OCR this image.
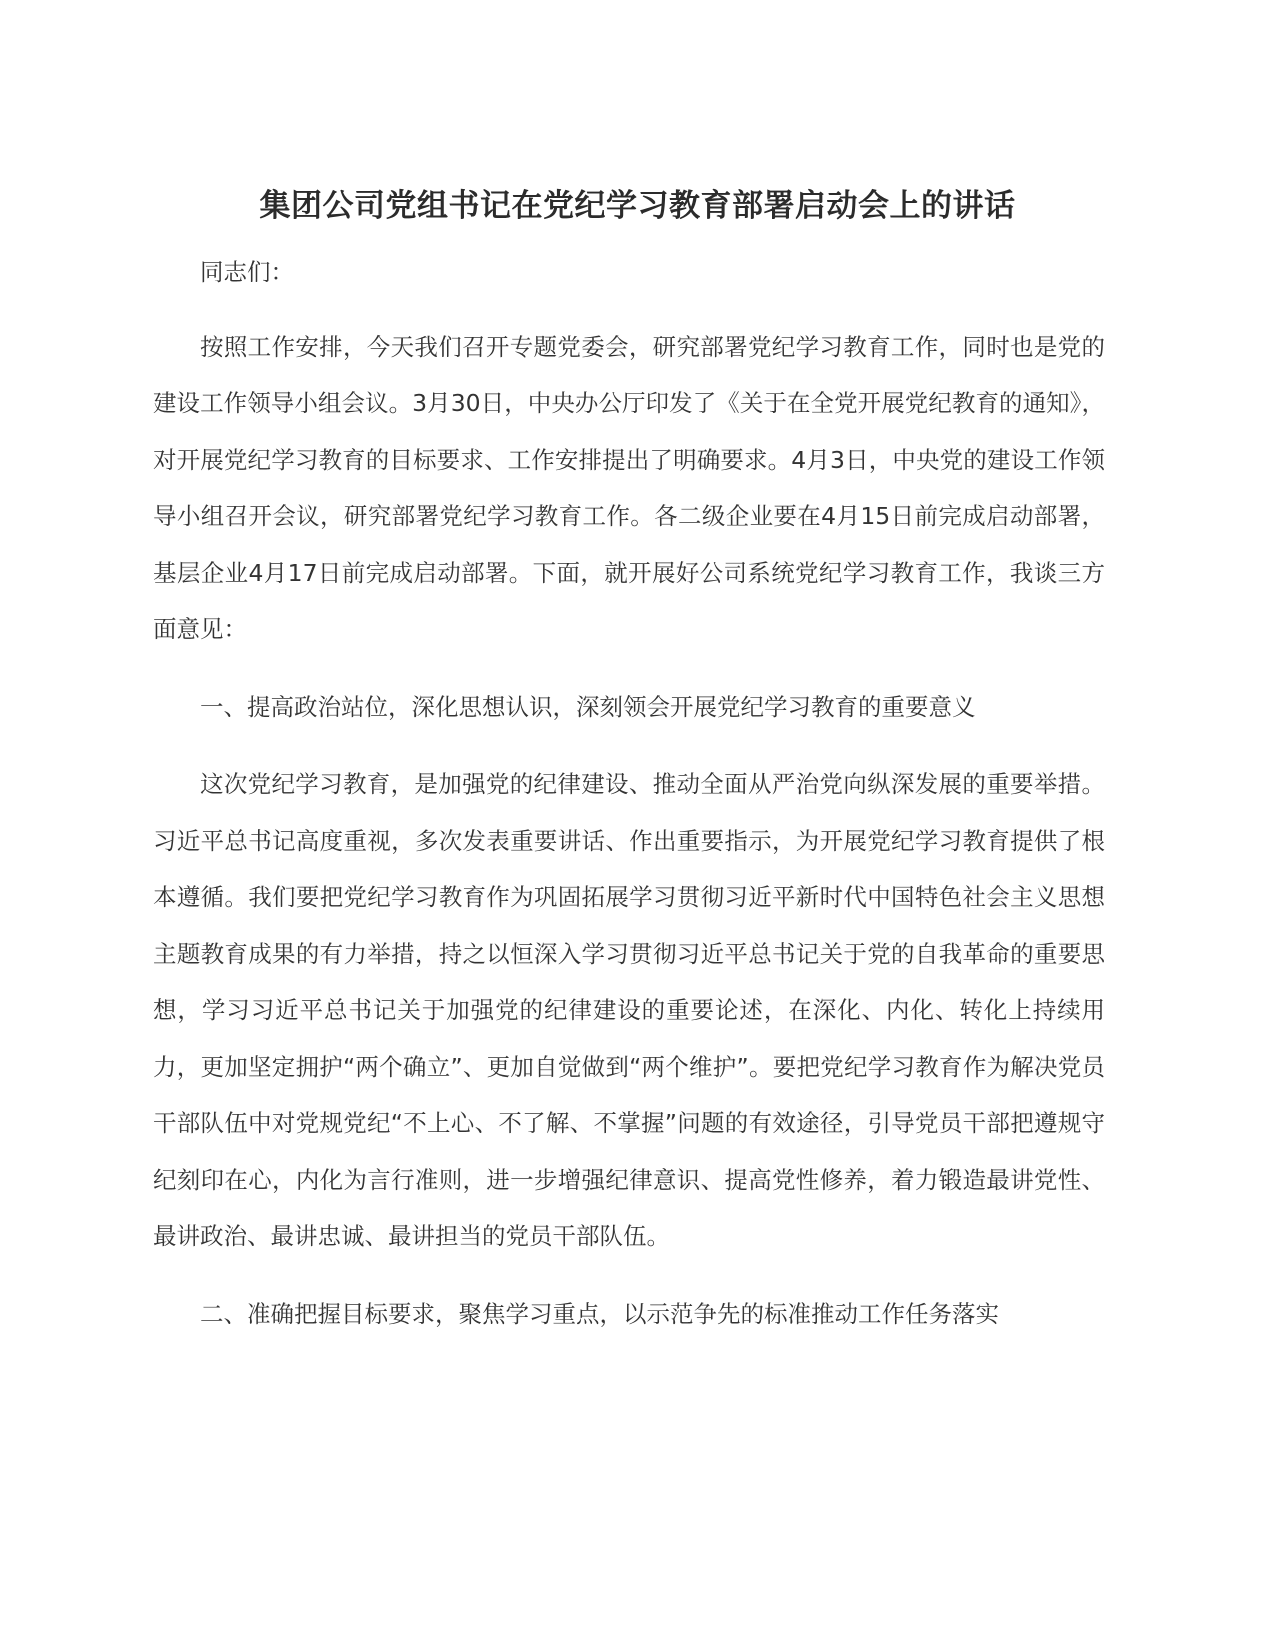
集团公司党组书记在党纪学习教育部署启动会上的讲话

同志们：

按照工作安排，今天我们召开专题党委会，研究部署党纪学习教育工作，同时也是党的建设工作领导小组会议。3月30日，中央办公厅印发了《关于在全党开展党纪教育的通知》，对开展党纪学习教育的目标要求、工作安排提出了明确要求。4月3日，中央党的建设工作领导小组召开会议，研究部署党纪学习教育工作。各二级企业要在4月15日前完成启动部署，基层企业4月17日前完成启动部署。下面，就开展好公司系统党纪学习教育工作，我谈三方面意见：

一、提高政治站位，深化思想认识，深刻领会开展党纪学习教育的重要意义

这次党纪学习教育，是加强党的纪律建设、推动全面从严治党向纵深发展的重要举措。习近平总书记高度重视，多次发表重要讲话、作出重要指示，为开展党纪学习教育提供了根本遵循。我们要把党纪学习教育作为巩固拓展学习贯彻习近平新时代中国特色社会主义思想主题教育成果的有力举措，持之以恒深入学习贯彻习近平总书记关于党的自我革命的重要思想，学习习近平总书记关于加强党的纪律建设的重要论述，在深化、内化、转化上持续用力，更加坚定拥护“两个确立”、更加自觉做到“两个维护”。要把党纪学习教育作为解决党员干部队伍中对党规党纪“不上心、不了解、不掌握”问题的有效途径，引导党员干部把遵规守纪刻印在心，内化为言行准则，进一步增强纪律意识、提高党性修养，着力锻造最讲党性、最讲政治、最讲忠诚、最讲担当的党员干部队伍。

二、准确把握目标要求，聚焦学习重点，以示范争先的标准推动工作任务落实
